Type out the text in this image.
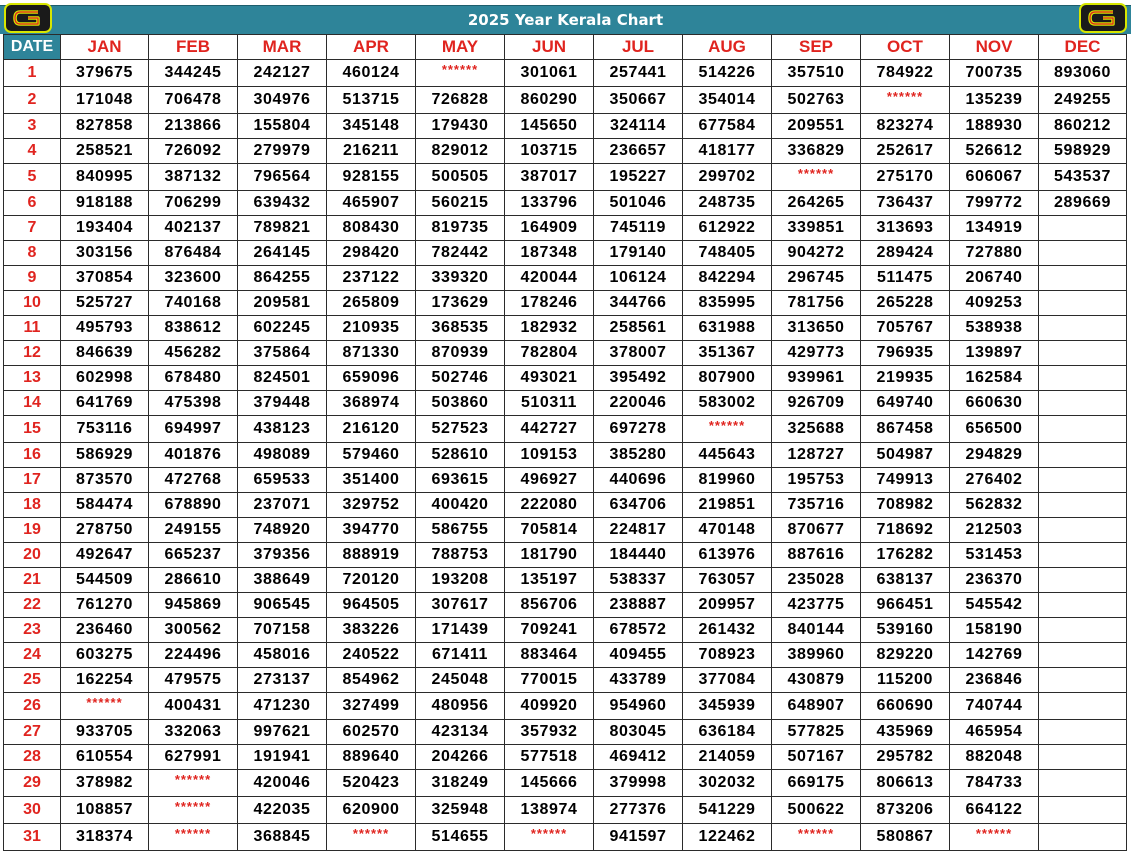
2025 Year Kerala Chart
DATE	JAN	FEB	MAR	APR	MAY	JUN	JUL	AUG	SEP	OCT	NOV	DEC
1	379675	344245	242127	460124	******	301061	257441	514226	357510	784922	700735	893060
2	171048	706478	304976	513715	726828	860290	350667	354014	502763	******	135239	249255
3	827858	213866	155804	345148	179430	145650	324114	677584	209551	823274	188930	860212
4	258521	726092	279979	216211	829012	103715	236657	418177	336829	252617	526612	598929
5	840995	387132	796564	928155	500505	387017	195227	299702	******	275170	606067	543537
6	918188	706299	639432	465907	560215	133796	501046	248735	264265	736437	799772	289669
7	193404	402137	789821	808430	819735	164909	745119	612922	339851	313693	134919	
8	303156	876484	264145	298420	782442	187348	179140	748405	904272	289424	727880	
9	370854	323600	864255	237122	339320	420044	106124	842294	296745	511475	206740	
10	525727	740168	209581	265809	173629	178246	344766	835995	781756	265228	409253	
11	495793	838612	602245	210935	368535	182932	258561	631988	313650	705767	538938	
12	846639	456282	375864	871330	870939	782804	378007	351367	429773	796935	139897	
13	602998	678480	824501	659096	502746	493021	395492	807900	939961	219935	162584	
14	641769	475398	379448	368974	503860	510311	220046	583002	926709	649740	660630	
15	753116	694997	438123	216120	527523	442727	697278	******	325688	867458	656500	
16	586929	401876	498089	579460	528610	109153	385280	445643	128727	504987	294829	
17	873570	472768	659533	351400	693615	496927	440696	819960	195753	749913	276402	
18	584474	678890	237071	329752	400420	222080	634706	219851	735716	708982	562832	
19	278750	249155	748920	394770	586755	705814	224817	470148	870677	718692	212503	
20	492647	665237	379356	888919	788753	181790	184440	613976	887616	176282	531453	
21	544509	286610	388649	720120	193208	135197	538337	763057	235028	638137	236370	
22	761270	945869	906545	964505	307617	856706	238887	209957	423775	966451	545542	
23	236460	300562	707158	383226	171439	709241	678572	261432	840144	539160	158190	
24	603275	224496	458016	240522	671411	883464	409455	708923	389960	829220	142769	
25	162254	479575	273137	854962	245048	770015	433789	377084	430879	115200	236846	
26	******	400431	471230	327499	480956	409920	954960	345939	648907	660690	740744	
27	933705	332063	997621	602570	423134	357932	803045	636184	577825	435969	465954	
28	610554	627991	191941	889640	204266	577518	469412	214059	507167	295782	882048	
29	378982	******	420046	520423	318249	145666	379998	302032	669175	806613	784733	
30	108857	******	422035	620900	325948	138974	277376	541229	500622	873206	664122	
31	318374	******	368845	******	514655	******	941597	122462	******	580867	******	
